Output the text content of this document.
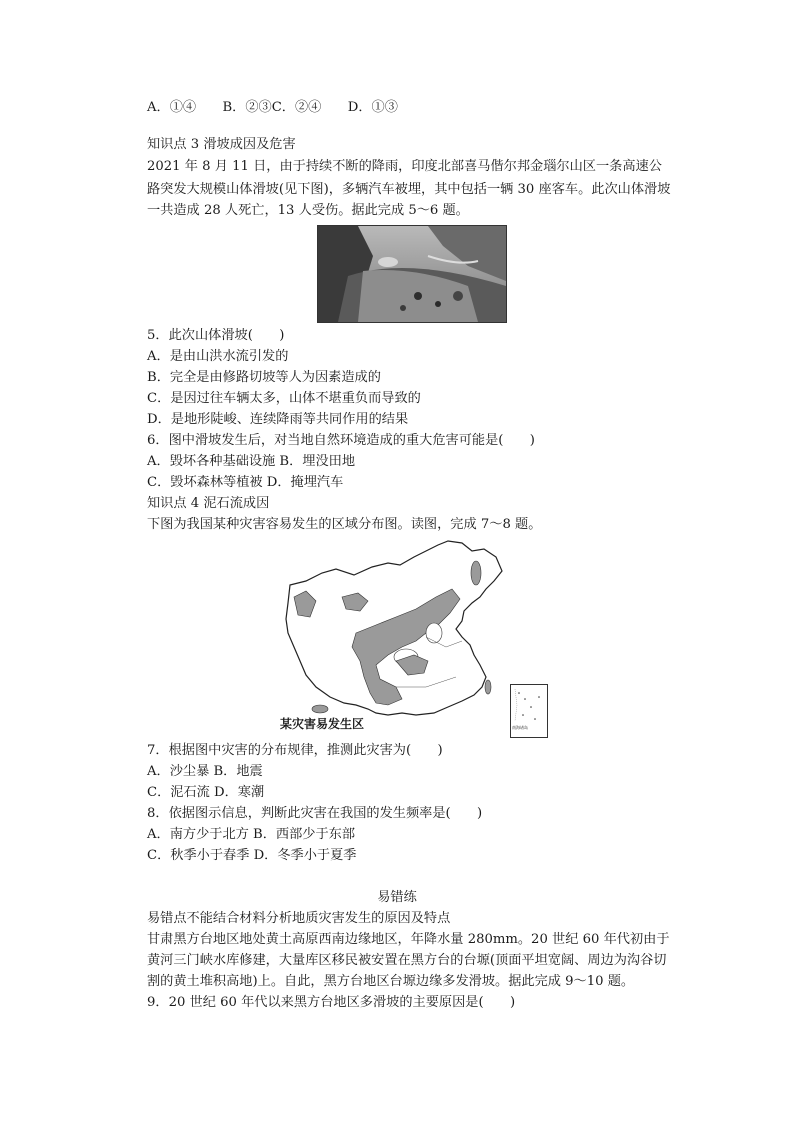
A．①④　　B．②③C．②④　　D．①③
知识点 3 滑坡成因及危害
2021 年 8 月 11 日，由于持续不断的降雨，印度北部喜马偕尔邦金瑙尔山区一条高速公
路突发大规模山体滑坡(见下图)，多辆汽车被埋，其中包括一辆 30 座客车。此次山体滑坡
一共造成 28 人死亡，13 人受伤。据此完成 5～6 题。
5．此次山体滑坡(　　)
A．是由山洪水流引发的
B．完全是由修路切坡等人为因素造成的
C．是因过往车辆太多，山体不堪重负而导致的
D．是地形陡峻、连续降雨等共同作用的结果
6．图中滑坡发生后，对当地自然环境造成的重大危害可能是(　　)
A．毁坏各种基础设施 B．埋没田地
C．毁坏森林等植被 D．掩埋汽车
知识点 4 泥石流成因
下图为我国某种灾害容易发生的区域分布图。读图，完成 7～8 题。
南海诸岛
某灾害易发生区
7．根据图中灾害的分布规律，推测此灾害为(　　)
A．沙尘暴 B．地震
C．泥石流 D．寒潮
8．依据图示信息，判断此灾害在我国的发生频率是(　　)
A．南方少于北方 B．西部少于东部
C．秋季小于春季 D．冬季小于夏季
易错练
易错点不能结合材料分析地质灾害发生的原因及特点
甘肃黑方台地区地处黄土高原西南边缘地区，年降水量 280mm。20 世纪 60 年代初由于
黄河三门峡水库修建，大量库区移民被安置在黑方台的台塬(顶面平坦宽阔、周边为沟谷切
割的黄土堆积高地)上。自此，黑方台地区台塬边缘多发滑坡。据此完成 9～10 题。
9．20 世纪 60 年代以来黑方台地区多滑坡的主要原因是(　　)
